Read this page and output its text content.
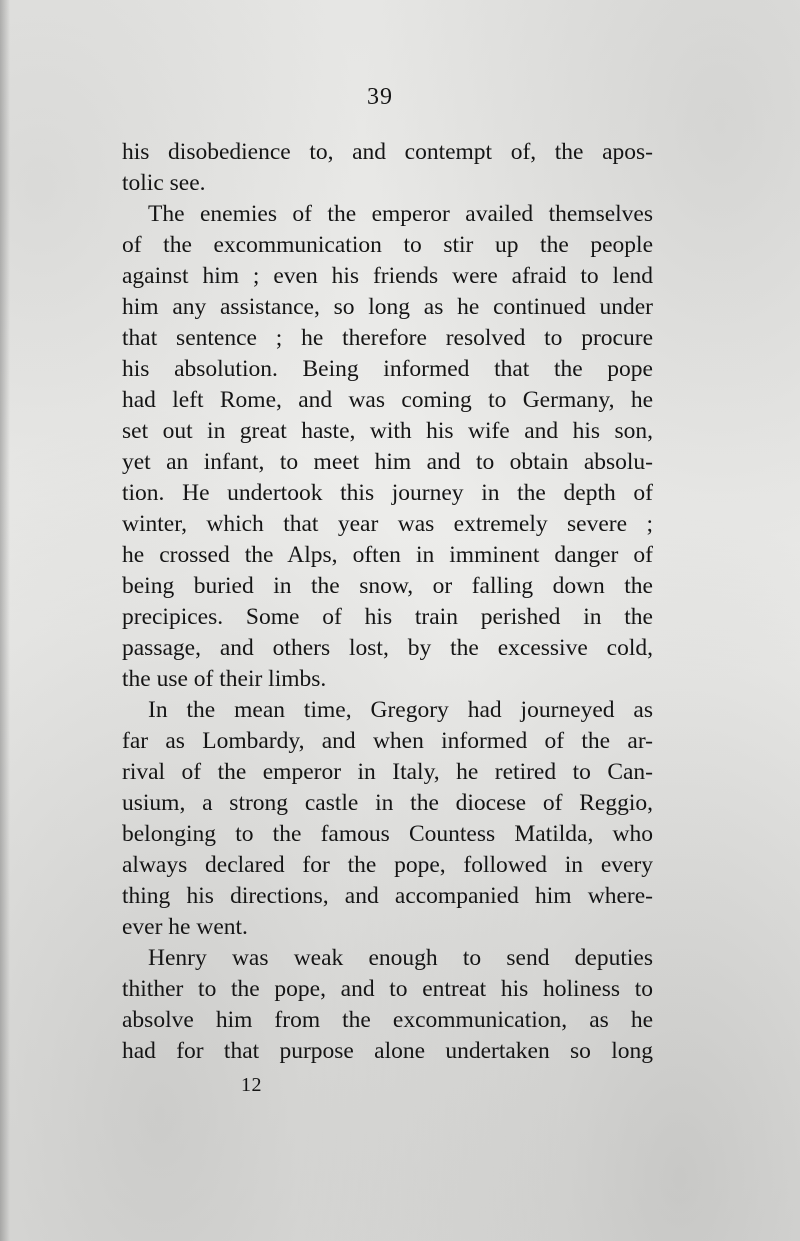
39

his disobedience to, and contempt of, the apos-
tolic see.

The enemies of the emperor availed themselves
of the excommunication to stir up the people
against him ; even his friends were afraid to lend
him any assistance, so long as he continued under
that sentence ; he therefore resolved to procure
his absolution. Being informed that the pope
had left Rome, and was coming to Germany, he
set out in great haste, with his wife and his son,
yet an infant, to meet him and to obtain absolu-
tion. He undertook this journey in the depth of
winter, which that year was extremely severe ;
he crossed the Alps, often in imminent danger of
being buried in the snow, or falling down the
precipices. Some of his train perished in the
passage, and others lost, by the excessive cold,
the use of their limbs.

In the mean time, Gregory had journeyed as
far as Lombardy, and when informed of the ar-
rival of the emperor in Italy, he retired to Can-
usium, a strong castle in the diocese of Reggio,
belonging to the famous Countess Matilda, who
always declared for the pope, followed in every
thing his directions, and accompanied him where-
ever he went.

Henry was weak enough to send deputies
thither to the pope, and to entreat his holiness to
absolve him from the excommunication, as he
had for that purpose alone undertaken so long

12
